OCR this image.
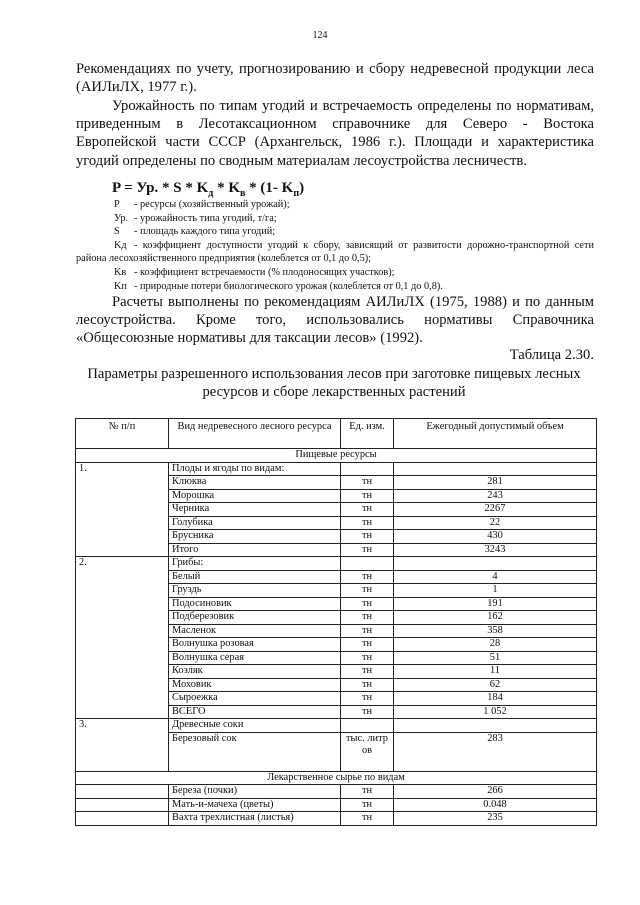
124

Рекомендациях по учету, прогнозированию и сбору недревесной продукции леса (АИЛиЛХ, 1977 г.).

Урожайность по типам угодий и встречаемость определены по нормативам, приведенным в Лесотаксационном справочнике для Северо - Востока Европейской части СССР (Архангельск, 1986 г.). Площади и характеристика угодий определены по сводным материалам лесоустройства лесничеств.

P = Ур. * S * $K_д * K_в * (1-$ $K_п$)
P - ресурсы (хозяйственный урожай);
Ур. - урожайность типа угодий, т/га;
S - площадь каждого типа угодий;
Kд - коэффициент доступности угодий к сбору, зависящий от развитости дорожно-транспортной сети района лесохозяйственного предприятия (колеблется от 0,1 до 0,5);
Kв - коэффициент встречаемости (% плодоносящих участков);
Kп - природные потери биологического урожая (колеблется от 0,1 до 0,8).

Расчеты выполнены по рекомендациям АИЛиЛХ (1975, 1988) и по данным лесоустройства. Кроме того, использовались нормативы Справочника «Общесоюзные нормативы для таксации лесов» (1992).

Таблица 2.30.
Параметры разрешенного использования лесов при заготовке пищевых лесных ресурсов и сборе лекарственных растений
№ п/п	Вид недревесного лесного ресурса	Ед. изм.	Ежегодный допустимый объем
Пищевые ресурсы			
1.	Плоды и ягоды по видам:		
	Клюква	тн	281
	Морошка	тн	243
	Черника	тн	2267
	Голубика	тн	22
	Брусника	тн	430
	Итого	тн	3243
2.	Грибы:		
	Белый	тн	4
	Груздь	тн	1
	Подосиновик	тн	191
	Подберезовик	тн	162
	Масленок	тн	358
	Волнушка розовая	тн	28
	Волнушка серая	тн	51
	Козляк	тн	11
	Моховик	тн	62
	Сыроежка	тн	184
	ВСЕГО	тн	1 052
3.	Древесные соки		
	Березовый сок	тыс. литров	283
Лекарственное сырье по видам			
	Береза (почки)	тн	266
	Мать-и-мачеха (цветы)	тн	0.048
	Вахта трехлистная (листья)	тн	235
